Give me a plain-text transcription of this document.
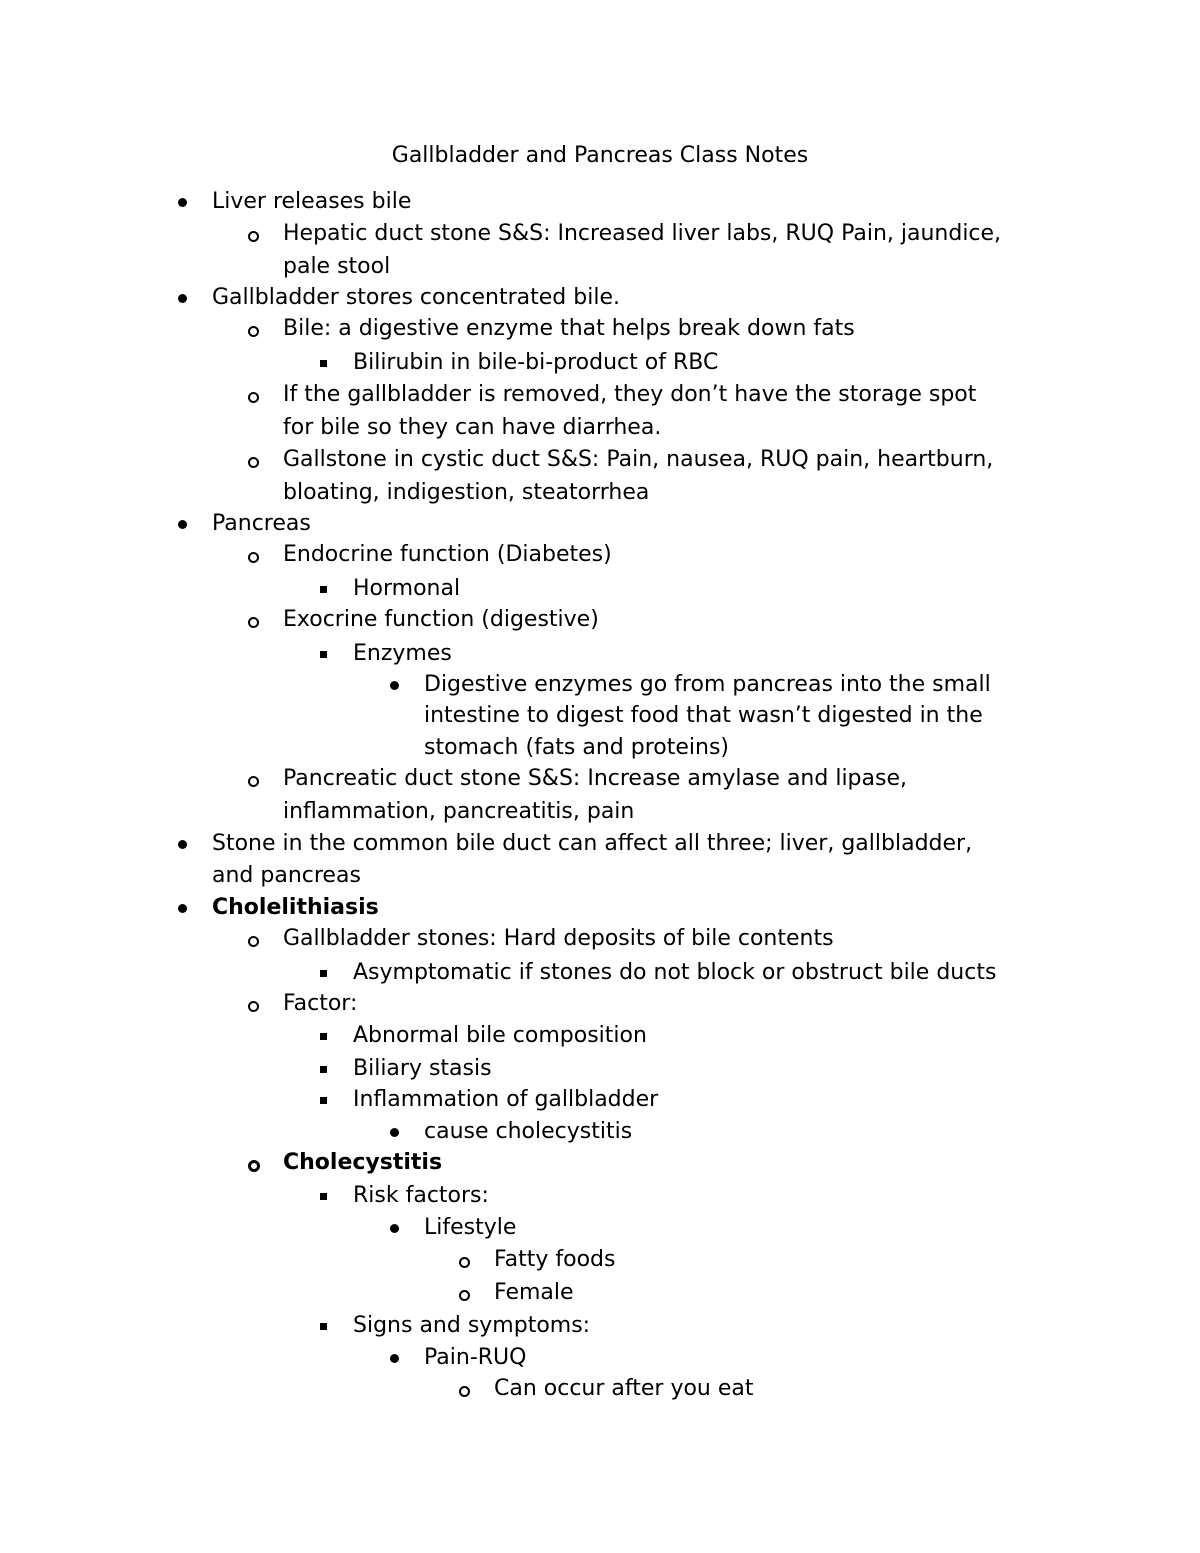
Gallbladder and Pancreas Class Notes
Liver releases bile
Hepatic duct stone S&S: Increased liver labs, RUQ Pain, jaundice,
pale stool
Gallbladder stores concentrated bile.
Bile: a digestive enzyme that helps break down fats
Bilirubin in bile-bi-product of RBC
If the gallbladder is removed, they don’t have the storage spot
for bile so they can have diarrhea.
Gallstone in cystic duct S&S: Pain, nausea, RUQ pain, heartburn,
bloating, indigestion, steatorrhea
Pancreas
Endocrine function (Diabetes)
Hormonal
Exocrine function (digestive)
Enzymes
Digestive enzymes go from pancreas into the small
intestine to digest food that wasn’t digested in the
stomach (fats and proteins)
Pancreatic duct stone S&S: Increase amylase and lipase,
inflammation, pancreatitis, pain
Stone in the common bile duct can affect all three; liver, gallbladder,
and pancreas
Cholelithiasis
Gallbladder stones: Hard deposits of bile contents
Asymptomatic if stones do not block or obstruct bile ducts
Factor:
Abnormal bile composition
Biliary stasis
Inflammation of gallbladder
cause cholecystitis
Cholecystitis
Risk factors:
Lifestyle
Fatty foods
Female
Signs and symptoms:
Pain-RUQ
Can occur after you eat
